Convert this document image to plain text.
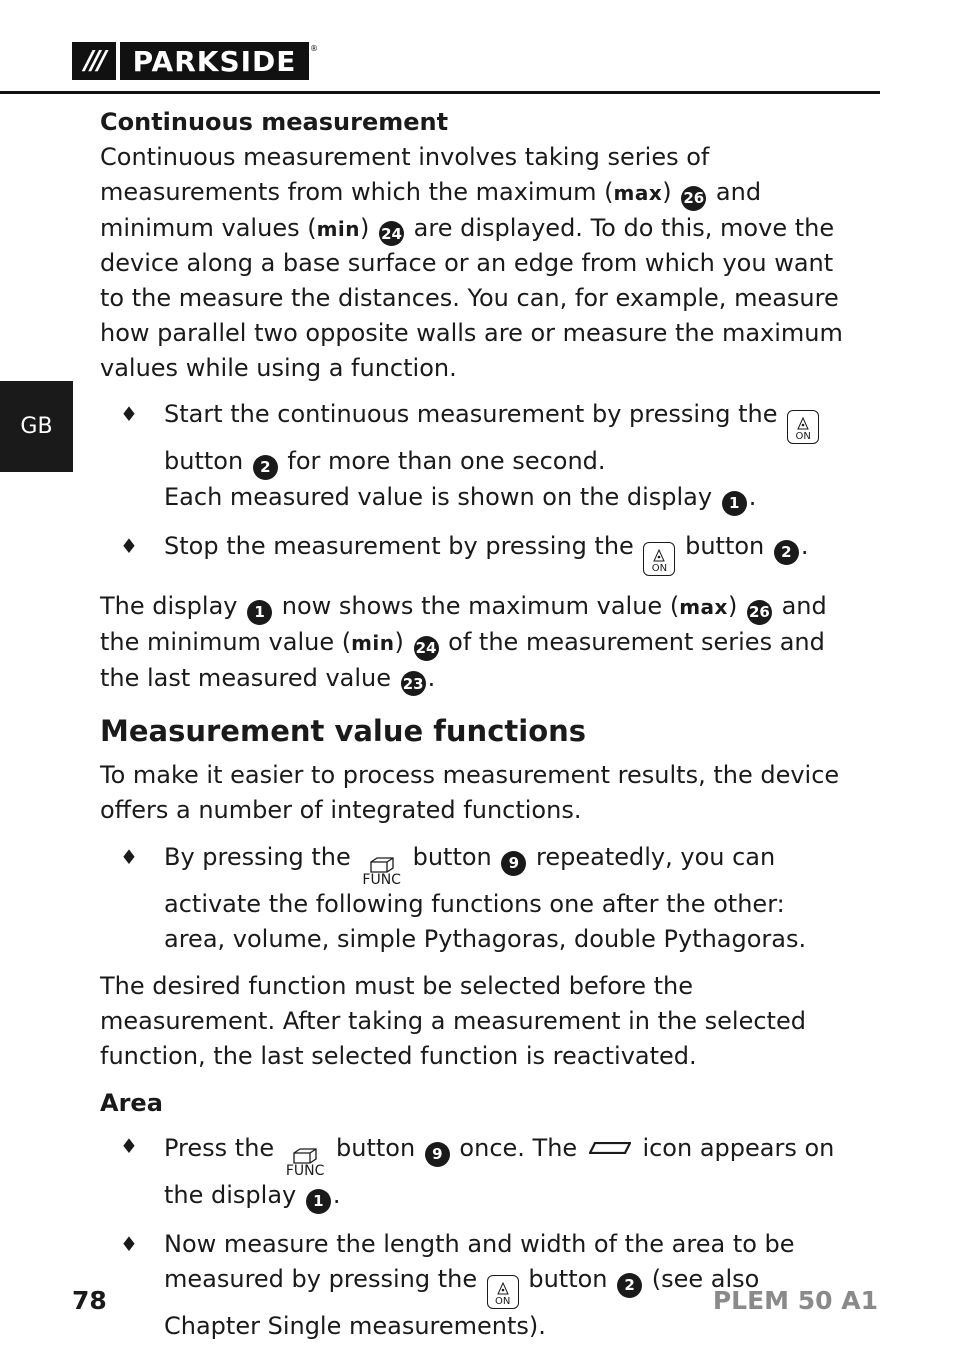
///	PARKSIDE	®
GB
Continuous measurement

Continuous measurement involves taking series of measurements from which the maximum (max) 26 and minimum values (min) 24 are displayed. To do this, move the device along a base surface or an edge from which you want to the measure the distances. You can, for example, measure how parallel two opposite walls are or measure the maximum values while using a function.

♦ Start the continuous measurement by pressing the
ON
button 2 for more than one second.
Each measured value is shown on the display 1 .
♦ Stop the measurement by pressing the
ON
button 2 .

The display 1 now shows the maximum value (max) 26 and the minimum value (min) 24 of the measurement series and the last measured value 23 .

Measurement value functions

To make it easier to process measurement results, the device offers a number of integrated functions.

♦ By pressing the
FUNC
button 9 repeatedly, you can activate the following functions one after the other:
area, volume, simple Pythagoras, double Pythagoras.

The desired function must be selected before the measurement. After taking a measurement in the selected function, the last selected function is reactivated.

Area
♦ Press the
FUNC
button 9 once. The  icon appears on the display 1 .
♦ Now measure the length and width of the area to be measured by pressing the
ON
button 2 (see also Chapter Single measurements).
78	PLEM 50 A1
